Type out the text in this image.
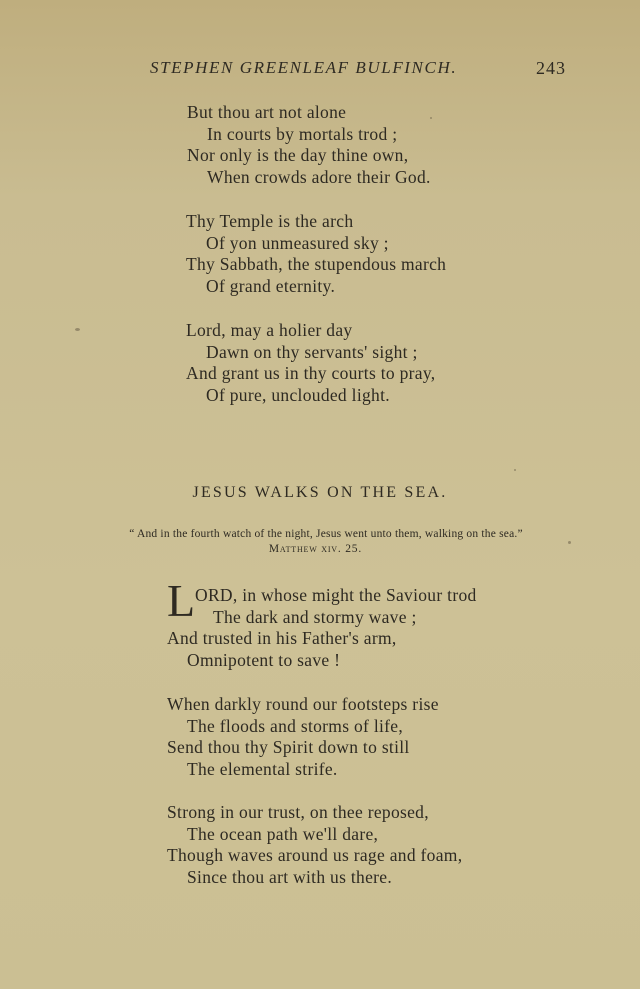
STEPHEN GREENLEAF BULFINCH.	243
But thou art not alone
In courts by mortals trod ;
Nor only is the day thine own,
When crowds adore their God.
Thy Temple is the arch
Of yon unmeasured sky ;
Thy Sabbath, the stupendous march
Of grand eternity.
Lord, may a holier day
Dawn on thy servants' sight ;
And grant us in thy courts to pray,
Of pure, unclouded light.
JESUS WALKS ON THE SEA.
“ And in the fourth watch of the night, Jesus went unto them, walking on the sea.”
Matthew xiv. 25.
L ORD, in whose might the Saviour trod
The dark and stormy wave ;
And trusted in his Father's arm,
Omnipotent to save !
When darkly round our footsteps rise
The floods and storms of life,
Send thou thy Spirit down to still
The elemental strife.
Strong in our trust, on thee reposed,
The ocean path we'll dare,
Though waves around us rage and foam,
Since thou art with us there.
